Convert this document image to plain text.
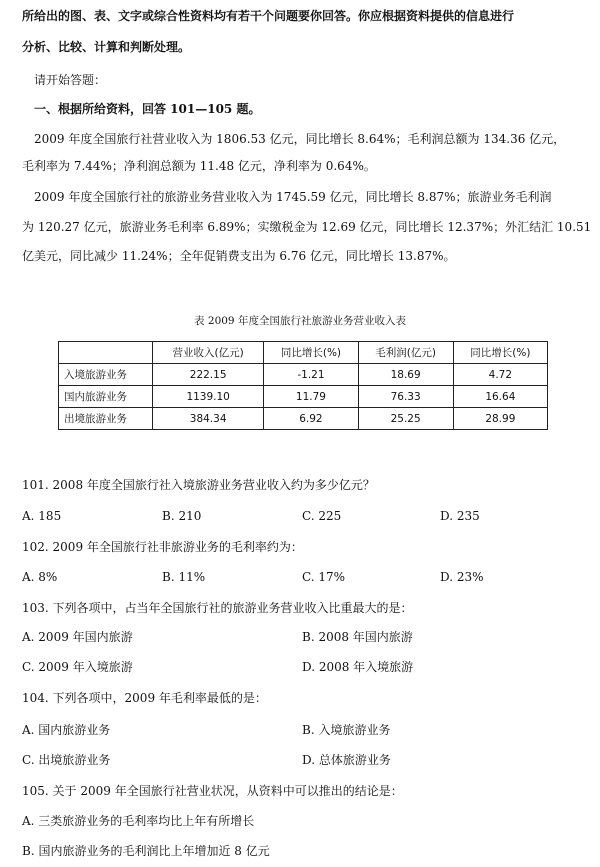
所给出的图、表、文字或综合性资料均有若干个问题要你回答。你应根据资料提供的信息进行
分析、比较、计算和判断处理。
请开始答题：
一、根据所给资料，回答 101—105 题。
2009 年度全国旅行社营业收入为 1806.53 亿元，同比增长 8.64%；毛利润总额为 134.36 亿元，
毛利率为 7.44%；净利润总额为 11.48 亿元，净利率为 0.64%。
2009 年度全国旅行社的旅游业务营业收入为 1745.59 亿元，同比增长 8.87%；旅游业务毛利润
为 120.27 亿元，旅游业务毛利率 6.89%；实缴税金为 12.69 亿元，同比增长 12.37%；外汇结汇 10.51
亿美元，同比减少 11.24%；全年促销费支出为 6.76 亿元，同比增长 13.87%。
表 2009 年度全国旅行社旅游业务营业收入表
	营业收入(亿元)	同比增长(%)	毛利润(亿元)	同比增长(%)
入境旅游业务	222.15	-1.21	18.69	4.72
国内旅游业务	1139.10	11.79	76.33	16.64
出境旅游业务	384.34	6.92	25.25	28.99
101. 2008 年度全国旅行社入境旅游业务营业收入约为多少亿元？
A. 185	B. 210	C. 225	D. 235
102. 2009 年全国旅行社非旅游业务的毛利率约为：
A. 8%	B. 11%	C. 17%	D. 23%
103. 下列各项中，占当年全国旅行社的旅游业务营业收入比重最大的是：
A. 2009 年国内旅游	B. 2008 年国内旅游
C. 2009 年入境旅游	D. 2008 年入境旅游
104. 下列各项中，2009 年毛利率最低的是：
A. 国内旅游业务	B. 入境旅游业务
C. 出境旅游业务	D. 总体旅游业务
105. 关于 2009 年全国旅行社营业状况，从资料中可以推出的结论是：
A. 三类旅游业务的毛利率均比上年有所增长
B. 国内旅游业务的毛利润比上年增加近 8 亿元
